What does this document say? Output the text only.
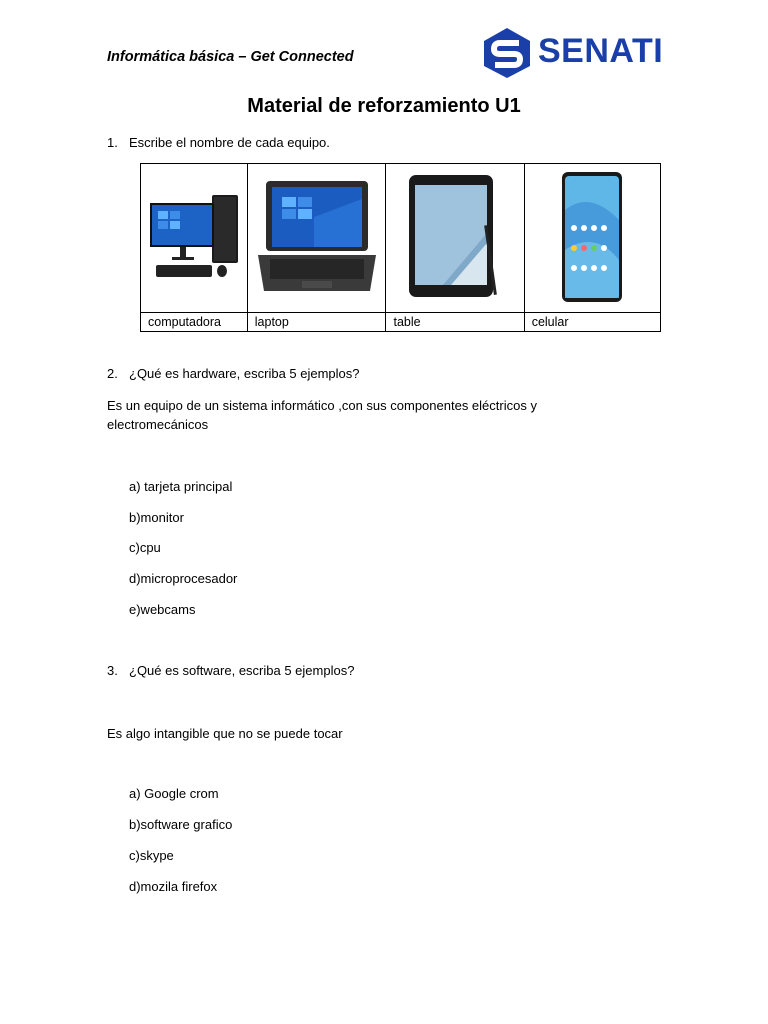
Informática básica – Get Connected	SENATI
Material de reforzamiento U1
1. Escribe el nombre de cada equipo.

computadora	laptop	table	celular
2. ¿Qué es hardware, escriba 5 ejemplos?
Es un equipo de un sistema informático ,con sus componentes eléctricos y
electromecánicos
a) tarjeta principal
b)monitor
c)cpu
d)microprocesador
e)webcams
3. ¿Qué es software, escriba 5 ejemplos?
Es algo intangible que no se puede tocar
a) Google crom
b)software grafico
c)skype
d)mozila firefox
